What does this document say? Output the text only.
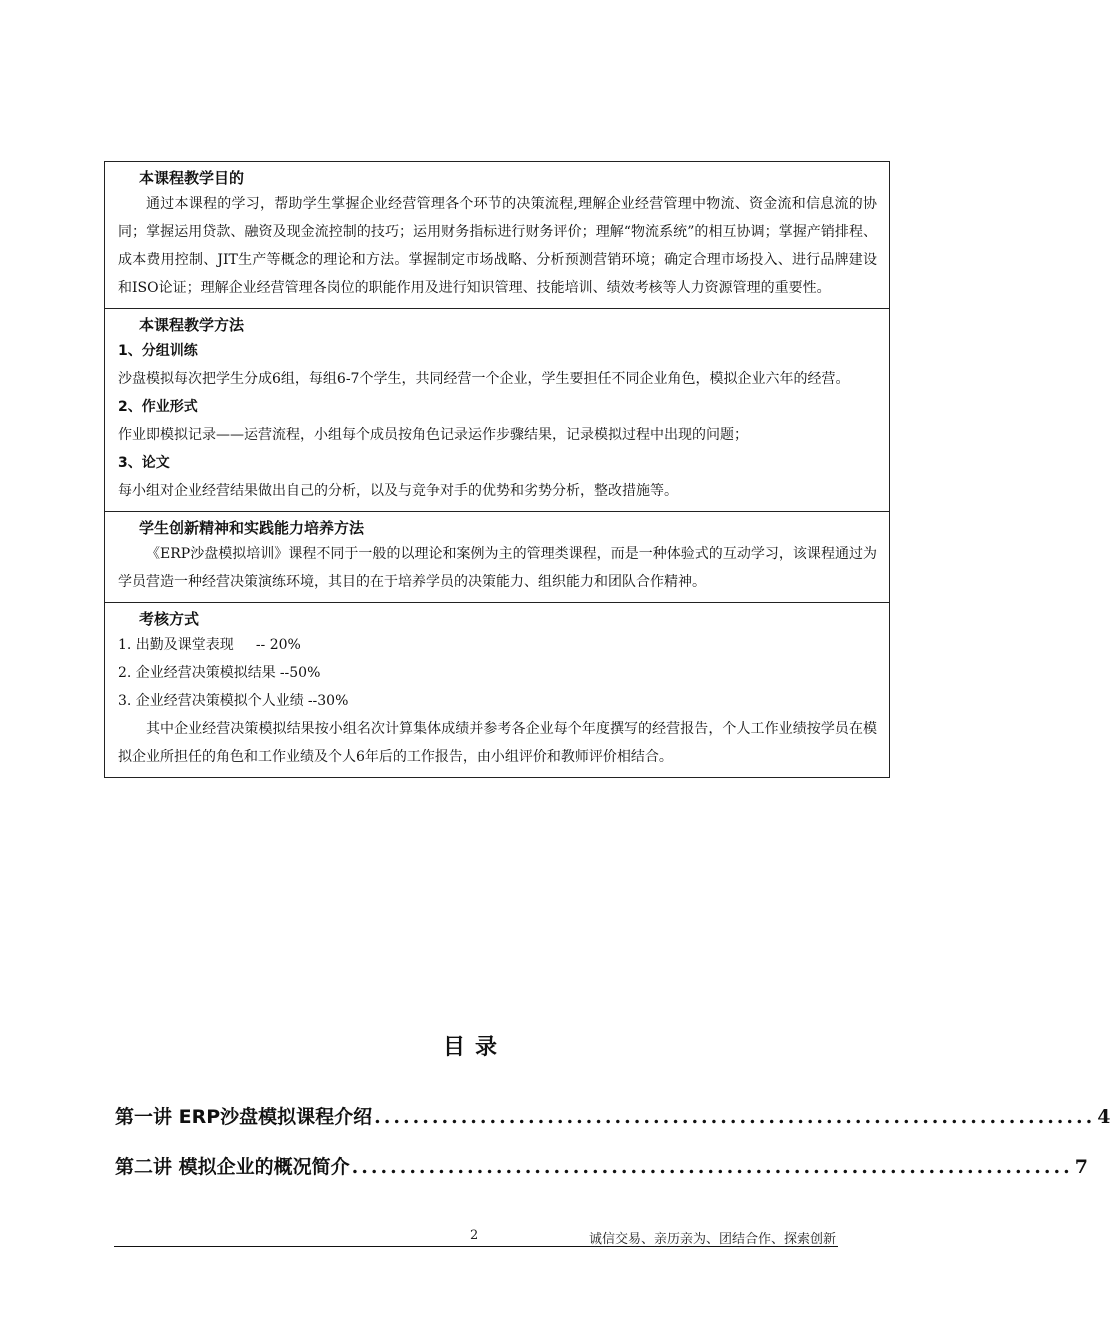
本课程教学目的
通过本课程的学习，帮助学生掌握企业经营管理各个环节的决策流程,理解企业经营管理中物流、资金流和信息流的协同；掌握运用贷款、融资及现金流控制的技巧；运用财务指标进行财务评价；理解“物流系统”的相互协调；掌握产销排程、成本费用控制、JIT生产等概念的理论和方法。掌握制定市场战略、分析预测营销环境；确定合理市场投入、进行品牌建设和ISO论证；理解企业经营管理各岗位的职能作用及进行知识管理、技能培训、绩效考核等人力资源管理的重要性。

本课程教学方法
1、分组训练
沙盘模拟每次把学生分成6组，每组6-7个学生，共同经营一个企业，学生要担任不同企业角色，模拟企业六年的经营。
2、作业形式
作业即模拟记录——运营流程，小组每个成员按角色记录运作步骤结果，记录模拟过程中出现的问题；
3、论文
每小组对企业经营结果做出自己的分析，以及与竞争对手的优势和劣势分析，整改措施等。

学生创新精神和实践能力培养方法
《ERP沙盘模拟培训》课程不同于一般的以理论和案例为主的管理类课程，而是一种体验式的互动学习，该课程通过为学员营造一种经营决策演练环境，其目的在于培养学员的决策能力、组织能力和团队合作精神。

考核方式
1. 出勤及课堂表现 -- 20%
2. 企业经营决策模拟结果 --50%
3. 企业经营决策模拟个人业绩 --30%
其中企业经营决策模拟结果按小组名次计算集体成绩并参考各企业每个年度撰写的经营报告，个人工作业绩按学员在模拟企业所担任的角色和工作业绩及个人6年后的工作报告，由小组评价和教师评价相结合。
目录
第一讲 ERP沙盘模拟课程介绍 ........................................................................... 4
第二讲 模拟企业的概况简介 ........................................................................... 7
2	诚信交易、亲历亲为、团结合作、探索创新
